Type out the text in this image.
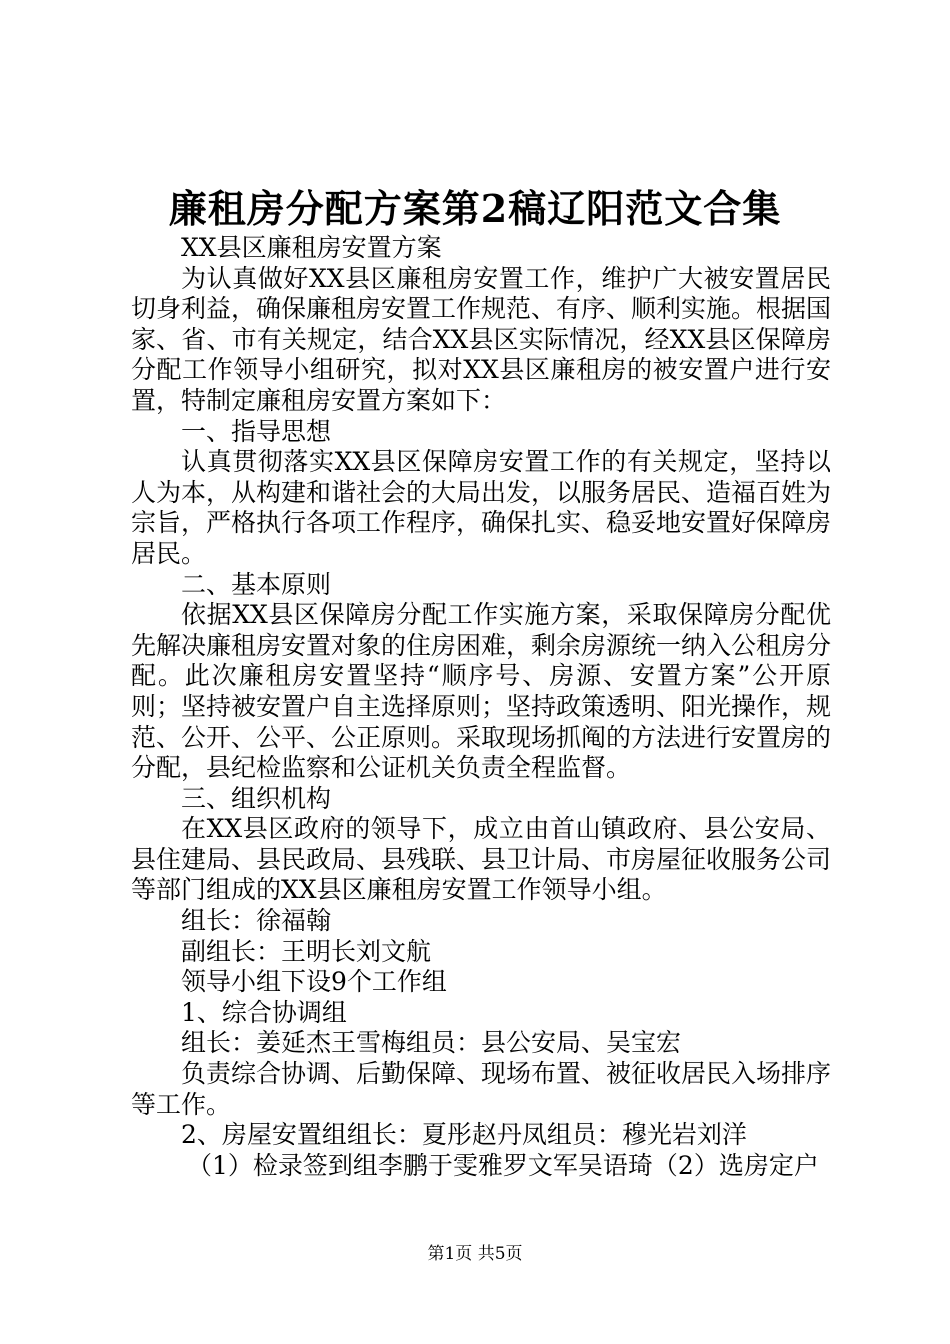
廉租房分配方案第2稿辽阳范文合集

XX县区廉租房安置方案

为认真做好XX县区廉租房安置工作，维护广大被安置居民切身利益，确保廉租房安置工作规范、有序、顺利实施。根据国家、省、市有关规定，结合XX县区实际情况，经XX县区保障房分配工作领导小组研究，拟对XX县区廉租房的被安置户进行安置，特制定廉租房安置方案如下：

一、指导思想

认真贯彻落实XX县区保障房安置工作的有关规定，坚持以人为本，从构建和谐社会的大局出发，以服务居民、造福百姓为宗旨，严格执行各项工作程序，确保扎实、稳妥地安置好保障房居民。

二、基本原则

依据XX县区保障房分配工作实施方案，采取保障房分配优先解决廉租房安置对象的住房困难，剩余房源统一纳入公租房分配。此次廉租房安置坚持“顺序号、房源、安置方案”公开原则；坚持被安置户自主选择原则；坚持政策透明、阳光操作，规范、公开、公平、公正原则。采取现场抓阄的方法进行安置房的分配，县纪检监察和公证机关负责全程监督。

三、组织机构

在XX县区政府的领导下，成立由首山镇政府、县公安局、县住建局、县民政局、县残联、县卫计局、市房屋征收服务公司等部门组成的XX县区廉租房安置工作领导小组。

组长：徐福翰

副组长：王明长刘文航

领导小组下设9个工作组

1、综合协调组

组长：姜延杰王雪梅组员：县公安局、吴宝宏

负责综合协调、后勤保障、现场布置、被征收居民入场排序等工作。

2、房屋安置组组长：夏彤赵丹凤组员：穆光岩刘洋

（1）检录签到组李鹏于雯雅罗文军吴语琦（2）选房定户

第1页 共5页
